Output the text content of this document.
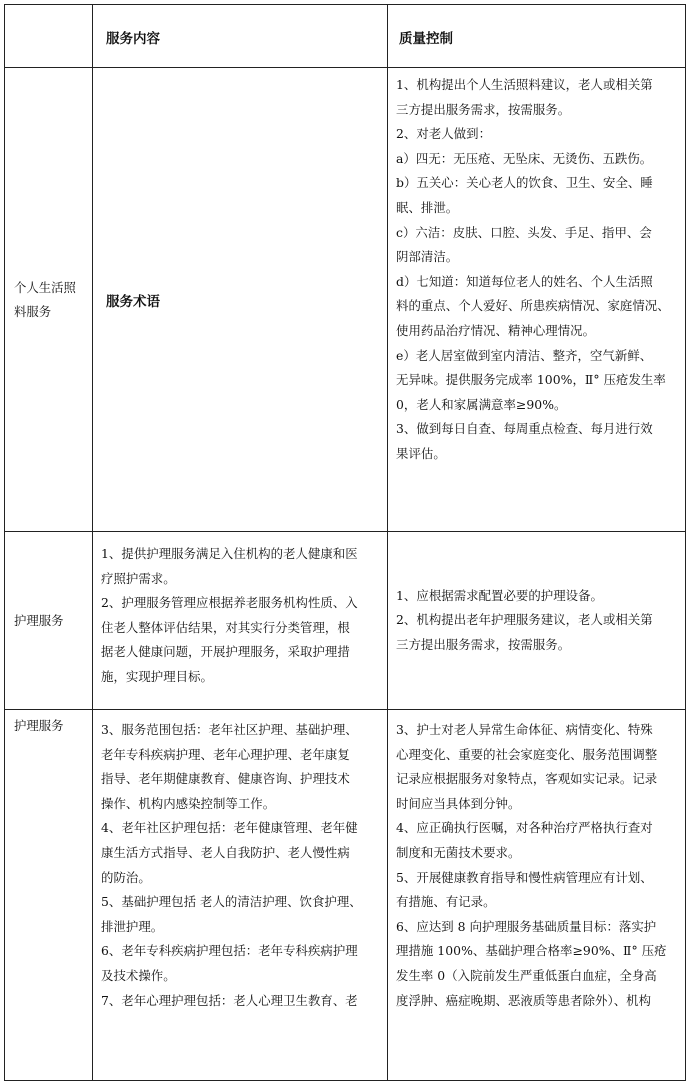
服务内容	质量控制
个人生活照
料服务
服务术语
1、机构提出个人生活照料建议，老人或相关第
三方提出服务需求，按需服务。
2、对老人做到：
a）四无：无压疮、无坠床、无烫伤、五跌伤。
b）五关心：关心老人的饮食、卫生、安全、睡
眠、排泄。
c）六洁：皮肤、口腔、头发、手足、指甲、会
阴部清洁。
d）七知道：知道每位老人的姓名、个人生活照
料的重点、个人爱好、所患疾病情况、家庭情况、
使用药品治疗情况、精神心理情况。
e）老人居室做到室内清洁、整齐，空气新鲜、
无异味。提供服务完成率 100%，Ⅱ° 压疮发生率
0，老人和家属满意率≥90%。
3、做到每日自查、每周重点检查、每月进行效
果评估。
护理服务
1、提供护理服务满足入住机构的老人健康和医
疗照护需求。
2、护理服务管理应根据养老服务机构性质、入
住老人整体评估结果，对其实行分类管理，根
据老人健康问题，开展护理服务，采取护理措
施，实现护理目标。
1、应根据需求配置必要的护理设备。
2、机构提出老年护理服务建议，老人或相关第
三方提出服务需求，按需服务。
护理服务	3、服务范围包括：老年社区护理、基础护理、
老年专科疾病护理、老年心理护理、老年康复
指导、老年期健康教育、健康咨询、护理技术
操作、机构内感染控制等工作。
4、老年社区护理包括：老年健康管理、老年健
康生活方式指导、老人自我防护、老人慢性病
的防治。
5、基础护理包括 老人的清洁护理、饮食护理、
排泄护理。
6、老年专科疾病护理包括：老年专科疾病护理
及技术操作。
7、老年心理护理包括：老人心理卫生教育、老
3、护士对老人异常生命体征、病情变化、特殊
心理变化、重要的社会家庭变化、服务范围调整
记录应根据服务对象特点，客观如实记录。记录
时间应当具体到分钟。
4、应正确执行医嘱，对各种治疗严格执行查对
制度和无菌技术要求。
5、开展健康教育指导和慢性病管理应有计划、
有措施、有记录。
6、应达到 8 向护理服务基础质量目标：落实护
理措施 100%、基础护理合格率≥90%、Ⅱ° 压疮
发生率 0（入院前发生严重低蛋白血症，全身高
度浮肿、癌症晚期、恶液质等患者除外）、机构
